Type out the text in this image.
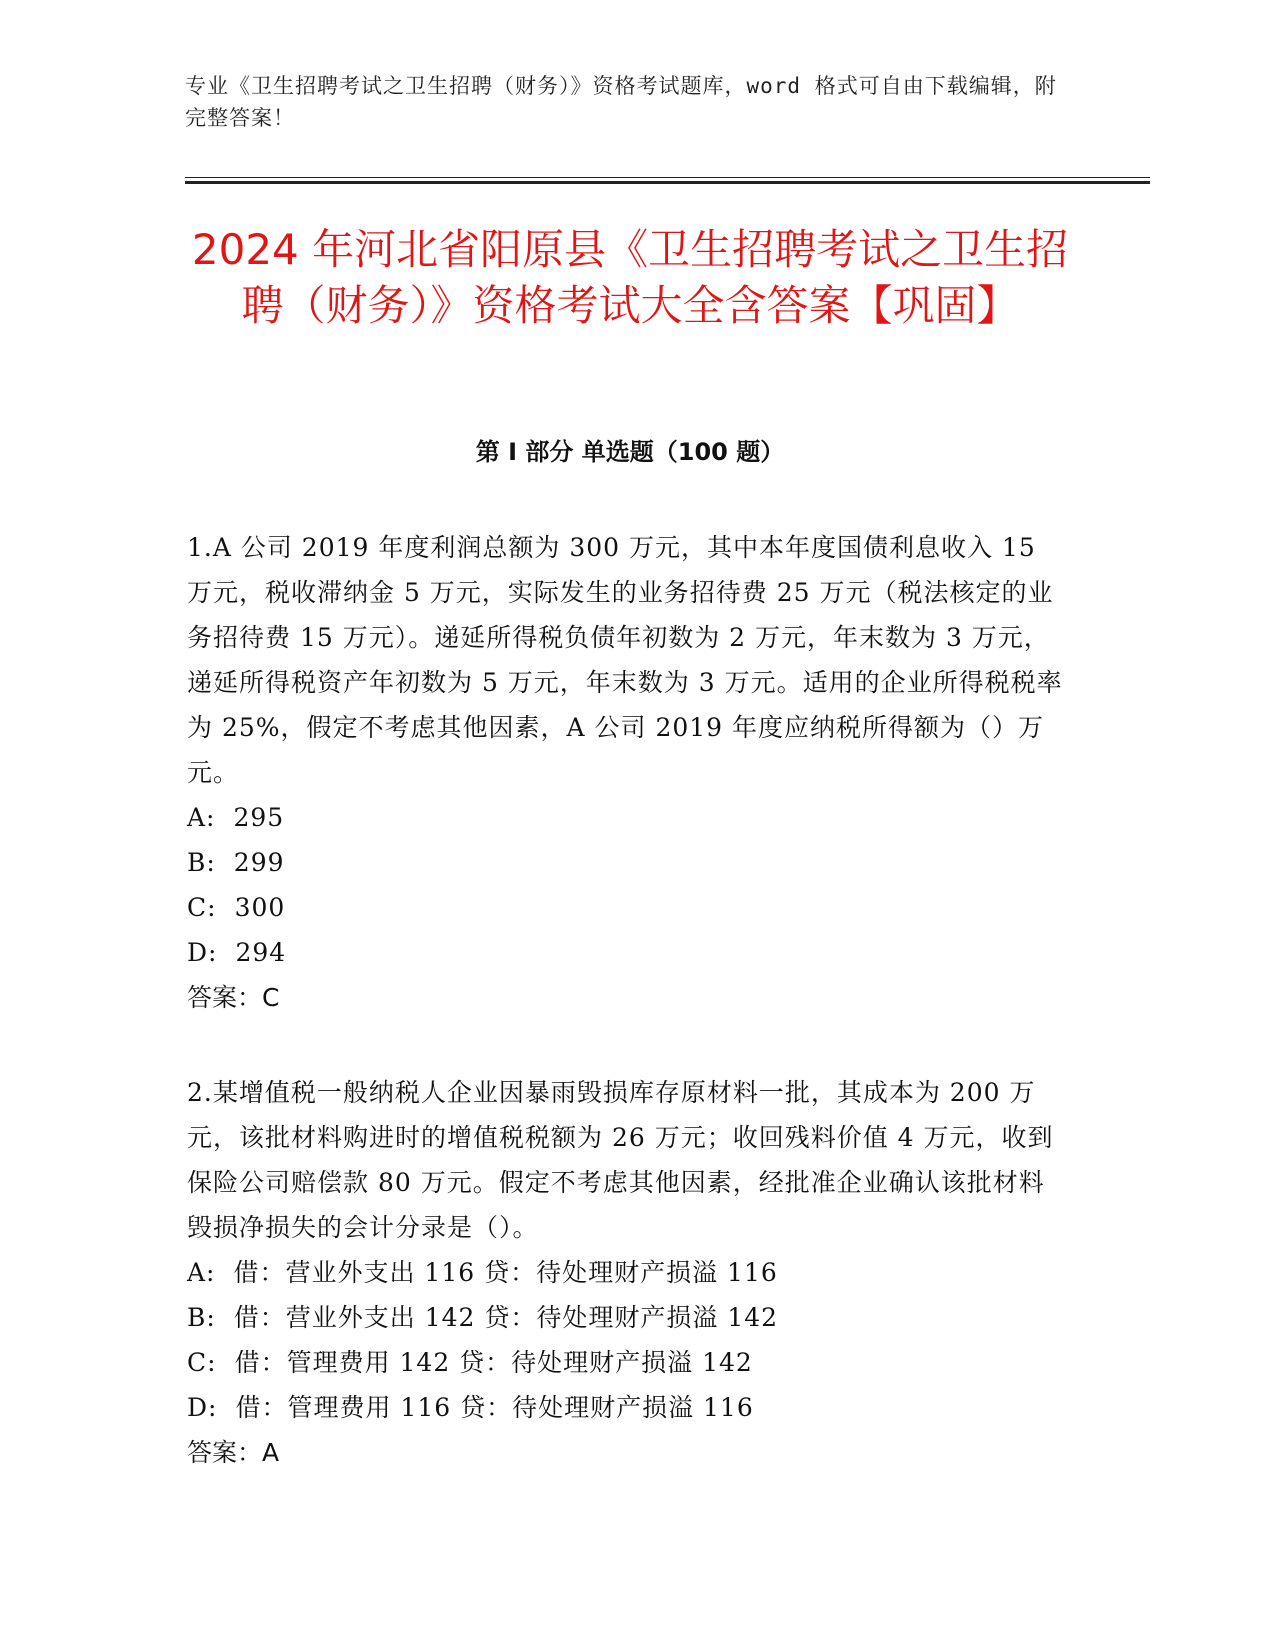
专业《卫生招聘考试之卫生招聘（财务）》资格考试题库，word 格式可自由下载编辑，附完整答案！
2024 年河北省阳原县《卫生招聘考试之卫生招聘（财务）》资格考试大全含答案【巩固】
第 I 部分 单选题（100 题）

1.A 公司 2019 年度利润总额为 300 万元，其中本年度国债利息收入 15 万元，税收滞纳金 5 万元，实际发生的业务招待费 25 万元（税法核定的业务招待费 15 万元）。递延所得税负债年初数为 2 万元，年末数为 3 万元，递延所得税资产年初数为 5 万元，年末数为 3 万元。适用的企业所得税税率为 25%，假定不考虑其他因素，A 公司 2019 年度应纳税所得额为（）万元。

A: 295

B: 299

C: 300

D: 294

答案：C

2.某增值税一般纳税人企业因暴雨毁损库存原材料一批，其成本为 200 万元，该批材料购进时的增值税税额为 26 万元；收回残料价值 4 万元，收到保险公司赔偿款 80 万元。假定不考虑其他因素，经批准企业确认该批材料毁损净损失的会计分录是（）。

A: 借：营业外支出 116 贷：待处理财产损溢 116

B: 借：营业外支出 142 贷：待处理财产损溢 142

C: 借：管理费用 142 贷：待处理财产损溢 142

D: 借：管理费用 116 贷：待处理财产损溢 116

答案：A
